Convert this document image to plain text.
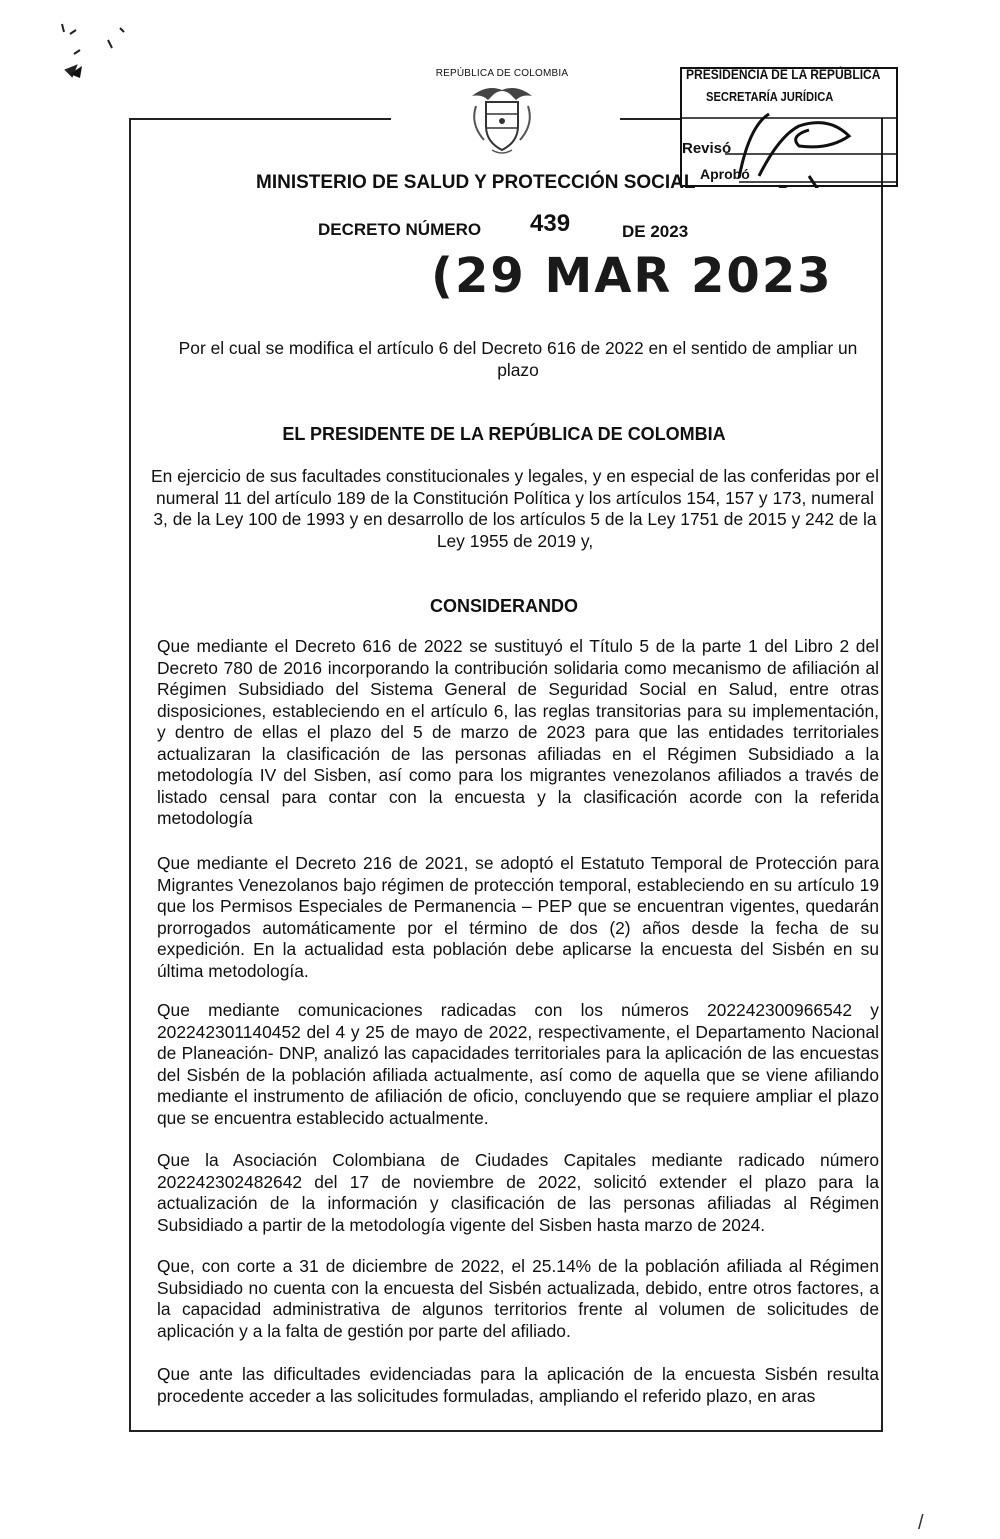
REPÚBLICA DE COLOMBIA	PRESIDENCIA DE LA REPÚBLICA
SECRETARÍA JURÍDICA
Revisó
Aprobó
MINISTERIO DE SALUD Y PROTECCIÓN SOCIAL
DECRETO NÚMERO 439	DE 2023
(29 MAR 2023
Por el cual se modifica el artículo 6 del Decreto 616 de 2022 en el sentido de ampliar un plazo
EL PRESIDENTE DE LA REPÚBLICA DE COLOMBIA
En ejercicio de sus facultades constitucionales y legales, y en especial de las conferidas por el numeral 11 del artículo 189 de la Constitución Política y los artículos 154, 157 y 173, numeral 3, de la Ley 100 de 1993 y en desarrollo de los artículos 5 de la Ley 1751 de 2015 y 242 de la Ley 1955 de 2019 y,
CONSIDERANDO
Que mediante el Decreto 616 de 2022 se sustituyó el Título 5 de la parte 1 del Libro 2 del Decreto 780 de 2016 incorporando la contribución solidaria como mecanismo de afiliación al Régimen Subsidiado del Sistema General de Seguridad Social en Salud, entre otras disposiciones, estableciendo en el artículo 6, las reglas transitorias para su implementación, y dentro de ellas el plazo del 5 de marzo de 2023 para que las entidades territoriales actualizaran la clasificación de las personas afiliadas en el Régimen Subsidiado a la metodología IV del Sisben, así como para los migrantes venezolanos afiliados a través de listado censal para contar con la encuesta y la clasificación acorde con la referida metodología
Que mediante el Decreto 216 de 2021, se adoptó el Estatuto Temporal de Protección para Migrantes Venezolanos bajo régimen de protección temporal, estableciendo en su artículo 19 que los Permisos Especiales de Permanencia – PEP que se encuentran vigentes, quedarán prorrogados automáticamente por el término de dos (2) años desde la fecha de su expedición. En la actualidad esta población debe aplicarse la encuesta del Sisbén en su última metodología.
Que mediante comunicaciones radicadas con los números 202242300966542 y 202242301140452 del 4 y 25 de mayo de 2022, respectivamente, el Departamento Nacional de Planeación- DNP, analizó las capacidades territoriales para la aplicación de las encuestas del Sisbén de la población afiliada actualmente, así como de aquella que se viene afiliando mediante el instrumento de afiliación de oficio, concluyendo que se requiere ampliar el plazo que se encuentra establecido actualmente.
Que la Asociación Colombiana de Ciudades Capitales mediante radicado número 202242302482642 del 17 de noviembre de 2022, solicitó extender el plazo para la actualización de la información y clasificación de las personas afiliadas al Régimen Subsidiado a partir de la metodología vigente del Sisben hasta marzo de 2024.
Que, con corte a 31 de diciembre de 2022, el 25.14% de la población afiliada al Régimen Subsidiado no cuenta con la encuesta del Sisbén actualizada, debido, entre otros factores, a la capacidad administrativa de algunos territorios frente al volumen de solicitudes de aplicación y a la falta de gestión por parte del afiliado.
Que ante las dificultades evidenciadas para la aplicación de la encuesta Sisbén resulta procedente acceder a las solicitudes formuladas, ampliando el referido plazo, en aras
/
